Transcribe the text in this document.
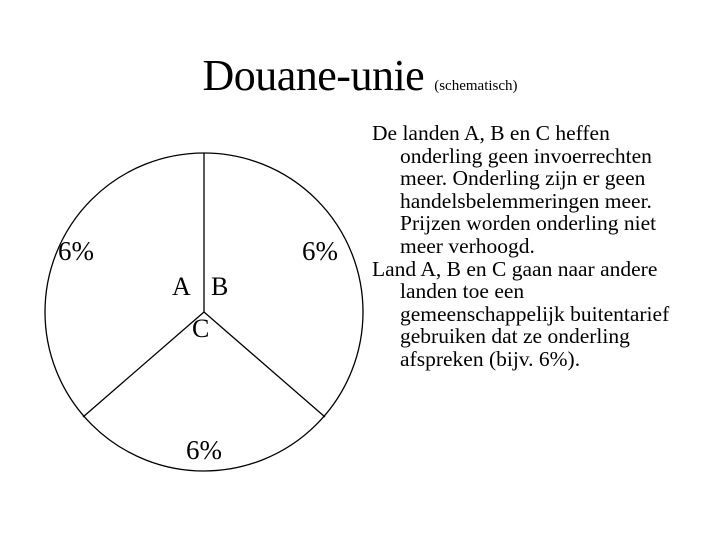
Douane-unie (schematisch)
6%	6%
6%
A B
C

De landen A, B en C heffen onderling geen invoerrechten meer. Onderling zijn er geen handelsbelemmeringen meer. Prijzen worden onderling niet meer verhoogd.

Land A, B en C gaan naar andere landen toe een gemeenschappelijk buitentarief gebruiken dat ze onderling afspreken (bijv. 6%).
